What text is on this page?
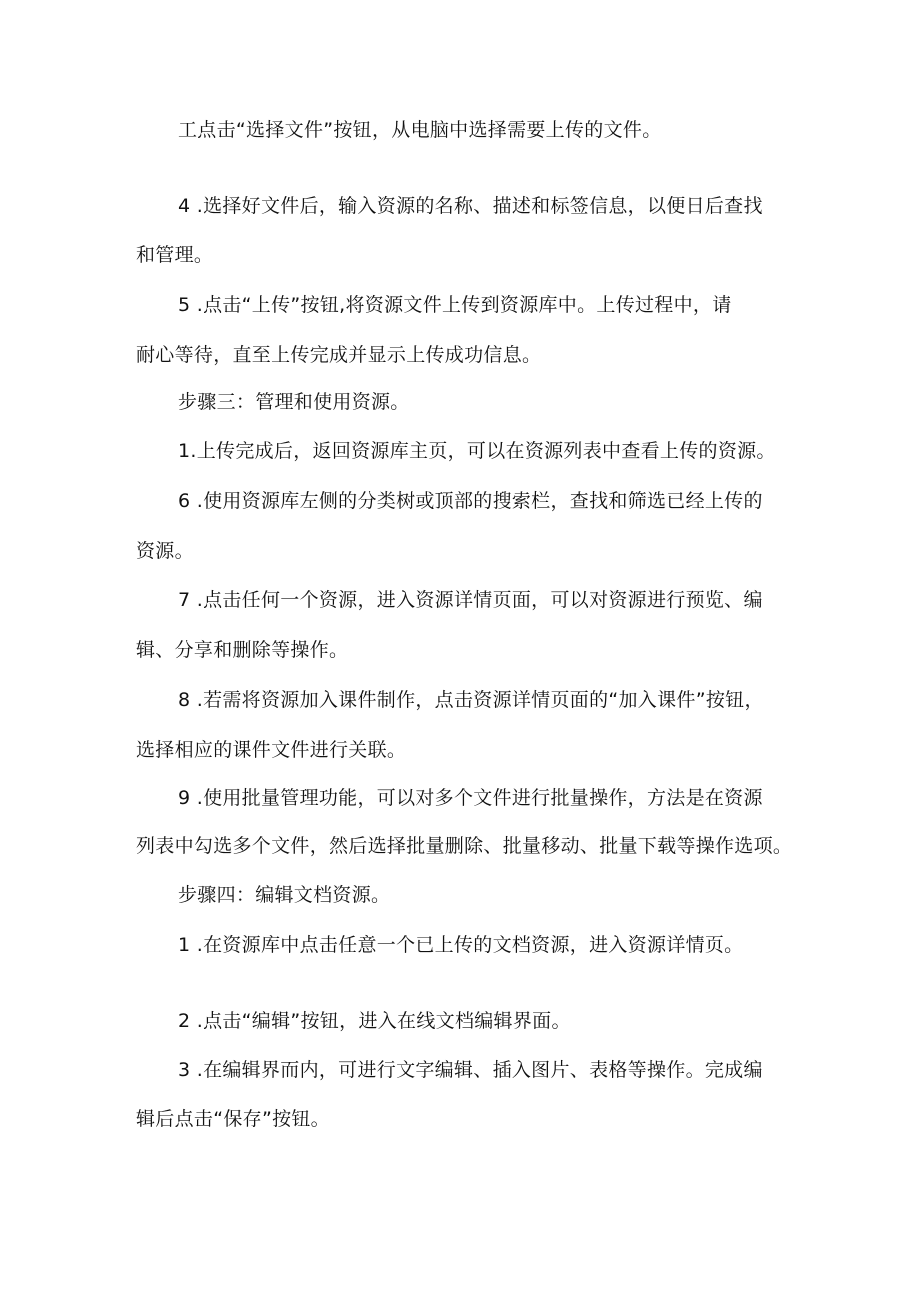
工点击“选择文件”按钮，从电脑中选择需要上传的文件。
4 .选择好文件后，输入资源的名称、描述和标签信息，以便日后查找
和管理。
5 .点击“上传”按钮,将资源文件上传到资源库中。上传过程中，请
耐心等待，直至上传完成并显示上传成功信息。
步骤三：管理和使用资源。
1.上传完成后，返回资源库主页，可以在资源列表中查看上传的资源。
6 .使用资源库左侧的分类树或顶部的搜索栏，查找和筛选已经上传的
资源。
7 .点击任何一个资源，进入资源详情页面，可以对资源进行预览、编
辑、分享和删除等操作。
8 .若需将资源加入课件制作，点击资源详情页面的“加入课件”按钮，
选择相应的课件文件进行关联。
9 .使用批量管理功能，可以对多个文件进行批量操作，方法是在资源
列表中勾选多个文件，然后选择批量删除、批量移动、批量下载等操作选项。
步骤四：编辑文档资源。
1 .在资源库中点击任意一个已上传的文档资源，进入资源详情页。
2 .点击“编辑”按钮，进入在线文档编辑界面。
3 .在编辑界而内，可进行文字编辑、插入图片、表格等操作。完成编
辑后点击“保存”按钮。
